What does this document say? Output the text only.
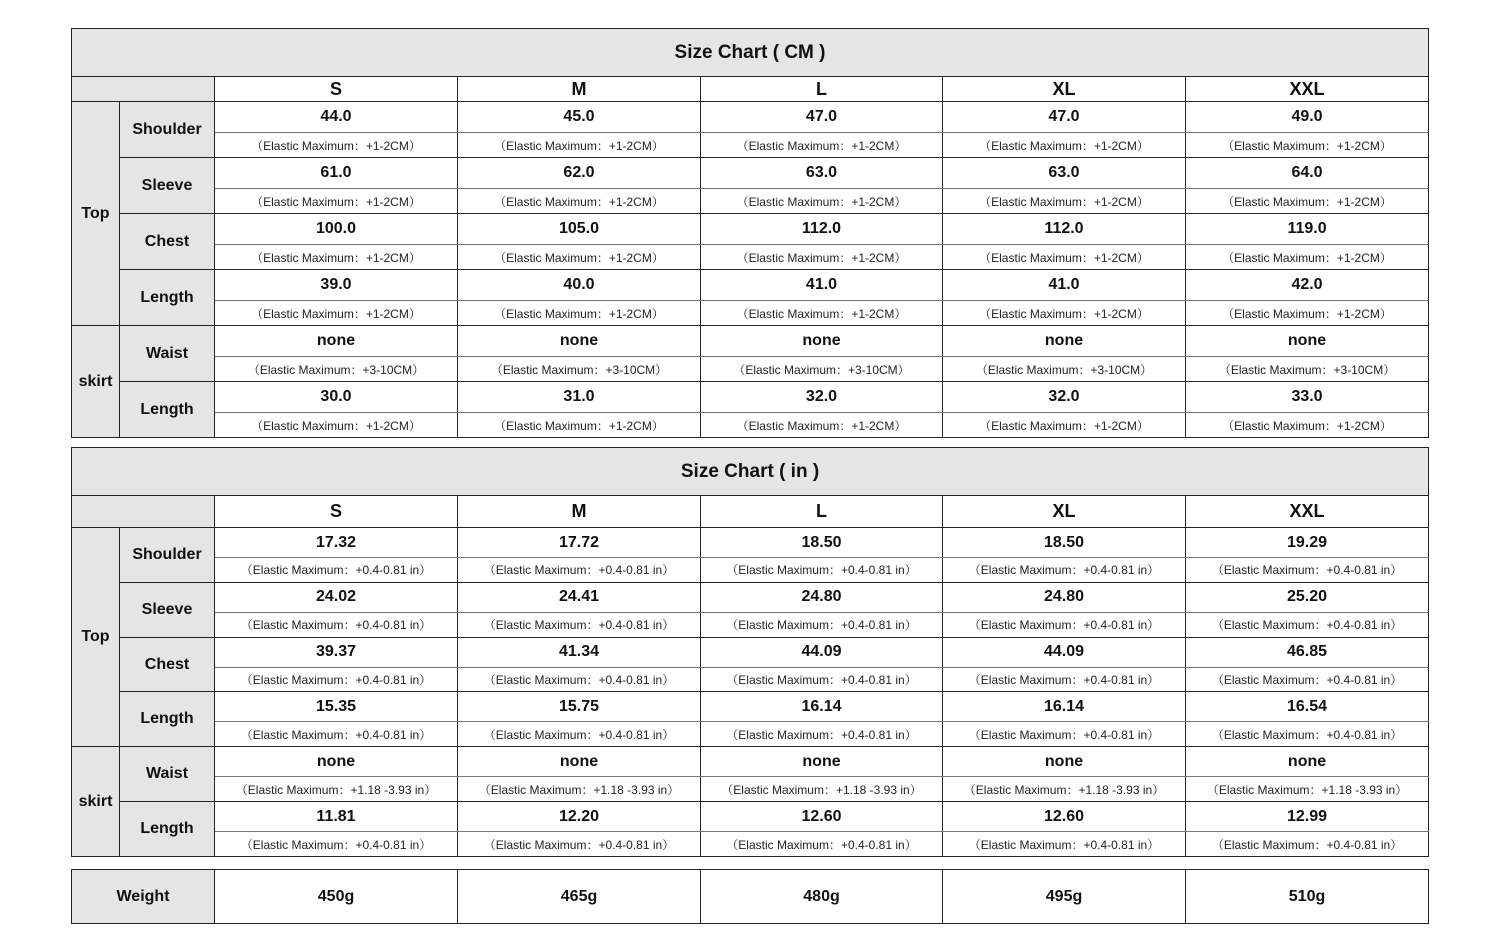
Size Chart ( CM )						
		S	M	L	XL	XXL
Top	Shoulder	44.0	45.0	47.0	47.0	49.0
		（Elastic Maximum：+1-2CM）	（Elastic Maximum：+1-2CM）	（Elastic Maximum：+1-2CM）	（Elastic Maximum：+1-2CM）	（Elastic Maximum：+1-2CM）
	Sleeve	61.0	62.0	63.0	63.0	64.0
		（Elastic Maximum：+1-2CM）	（Elastic Maximum：+1-2CM）	（Elastic Maximum：+1-2CM）	（Elastic Maximum：+1-2CM）	（Elastic Maximum：+1-2CM）
	Chest	100.0	105.0	112.0	112.0	119.0
		（Elastic Maximum：+1-2CM）	（Elastic Maximum：+1-2CM）	（Elastic Maximum：+1-2CM）	（Elastic Maximum：+1-2CM）	（Elastic Maximum：+1-2CM）
	Length	39.0	40.0	41.0	41.0	42.0
		（Elastic Maximum：+1-2CM）	（Elastic Maximum：+1-2CM）	（Elastic Maximum：+1-2CM）	（Elastic Maximum：+1-2CM）	（Elastic Maximum：+1-2CM）
skirt	Waist	none	none	none	none	none
		（Elastic Maximum：+3-10CM）	（Elastic Maximum：+3-10CM）	（Elastic Maximum：+3-10CM）	（Elastic Maximum：+3-10CM）	（Elastic Maximum：+3-10CM）
	Length	30.0	31.0	32.0	32.0	33.0
		（Elastic Maximum：+1-2CM）	（Elastic Maximum：+1-2CM）	（Elastic Maximum：+1-2CM）	（Elastic Maximum：+1-2CM）	（Elastic Maximum：+1-2CM）
Size Chart ( in )						
		S	M	L	XL	XXL
Top	Shoulder	17.32	17.72	18.50	18.50	19.29
		（Elastic Maximum：+0.4-0.81 in）	（Elastic Maximum：+0.4-0.81 in）	（Elastic Maximum：+0.4-0.81 in）	（Elastic Maximum：+0.4-0.81 in）	（Elastic Maximum：+0.4-0.81 in）
	Sleeve	24.02	24.41	24.80	24.80	25.20
		（Elastic Maximum：+0.4-0.81 in）	（Elastic Maximum：+0.4-0.81 in）	（Elastic Maximum：+0.4-0.81 in）	（Elastic Maximum：+0.4-0.81 in）	（Elastic Maximum：+0.4-0.81 in）
	Chest	39.37	41.34	44.09	44.09	46.85
		（Elastic Maximum：+0.4-0.81 in）	（Elastic Maximum：+0.4-0.81 in）	（Elastic Maximum：+0.4-0.81 in）	（Elastic Maximum：+0.4-0.81 in）	（Elastic Maximum：+0.4-0.81 in）
	Length	15.35	15.75	16.14	16.14	16.54
		（Elastic Maximum：+0.4-0.81 in）	（Elastic Maximum：+0.4-0.81 in）	（Elastic Maximum：+0.4-0.81 in）	（Elastic Maximum：+0.4-0.81 in）	（Elastic Maximum：+0.4-0.81 in）
skirt	Waist	none	none	none	none	none
		（Elastic Maximum：+1.18 -3.93 in）	（Elastic Maximum：+1.18 -3.93 in）	（Elastic Maximum：+1.18 -3.93 in）	（Elastic Maximum：+1.18 -3.93 in）	（Elastic Maximum：+1.18 -3.93 in）
	Length	11.81	12.20	12.60	12.60	12.99
		（Elastic Maximum：+0.4-0.81 in）	（Elastic Maximum：+0.4-0.81 in）	（Elastic Maximum：+0.4-0.81 in）	（Elastic Maximum：+0.4-0.81 in）	（Elastic Maximum：+0.4-0.81 in）
Weight	450g	465g	480g	495g	510g
